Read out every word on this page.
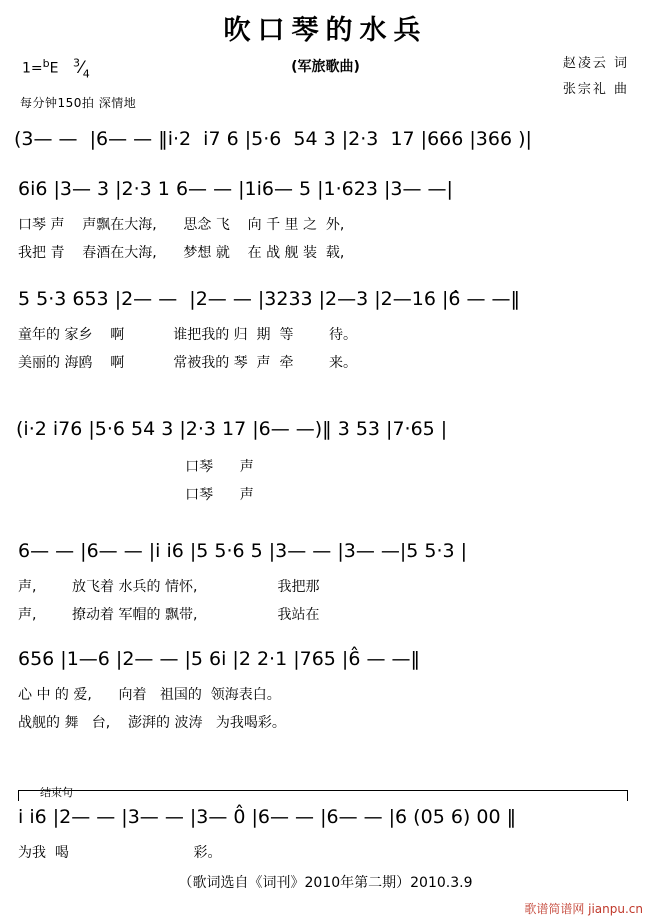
吹口琴的水兵
(军旅歌曲)
1=$^b$E $^3⁄_4$
每分钟150拍 深情地
赵凌云 词
张宗礼 曲
(3— —  |6— — ‖i·2  i7 6 |5·6  54 3 |2·3  17 |666 |366 )|
6i6 |3— 3 |2·3 1 6— — |1i6— 5 |1·623 |3— —|
口琴 声    声飘在大海,      思念 飞    向 千 里 之  外,
我把 青    春酒在大海,      梦想 就    在 战 舰 装  载,
5 5·3 653 |2— —  |2— — |3233 |2—3 |2—16 |6̂ — —‖
童年的 家乡    啊           谁把我的 归  期  等        待。
美丽的 海鸥    啊           常被我的 琴  声  牵        来。
(i·2 i76 |5·6 54 3 |2·3 17 |6— —)‖ 3 53 |7·65 |
口琴      声
口琴      声
6— — |6— — |i i6 |5 5·6 5 |3— — |3— —|5 5·3 |
声,        放飞着 水兵的 情怀,                  我把那
声,        撩动着 军帽的 飘带,                  我站在
656 |1—6 |2— — |5 6i |2 2·1 |765 |6̂ — —‖
心 中 的 爱,      向着   祖国的  领海表白。
战舰的 舞   台,    澎湃的 波涛   为我喝彩。
结束句
i i6 |2— — |3— — |3— 0̂ |6— — |6— — |6 (05 6) 00 ‖
为我  喝                            彩。
（歌词选自《词刊》2010年第二期）2010.3.9
歌谱简谱网 jianpu.cn
